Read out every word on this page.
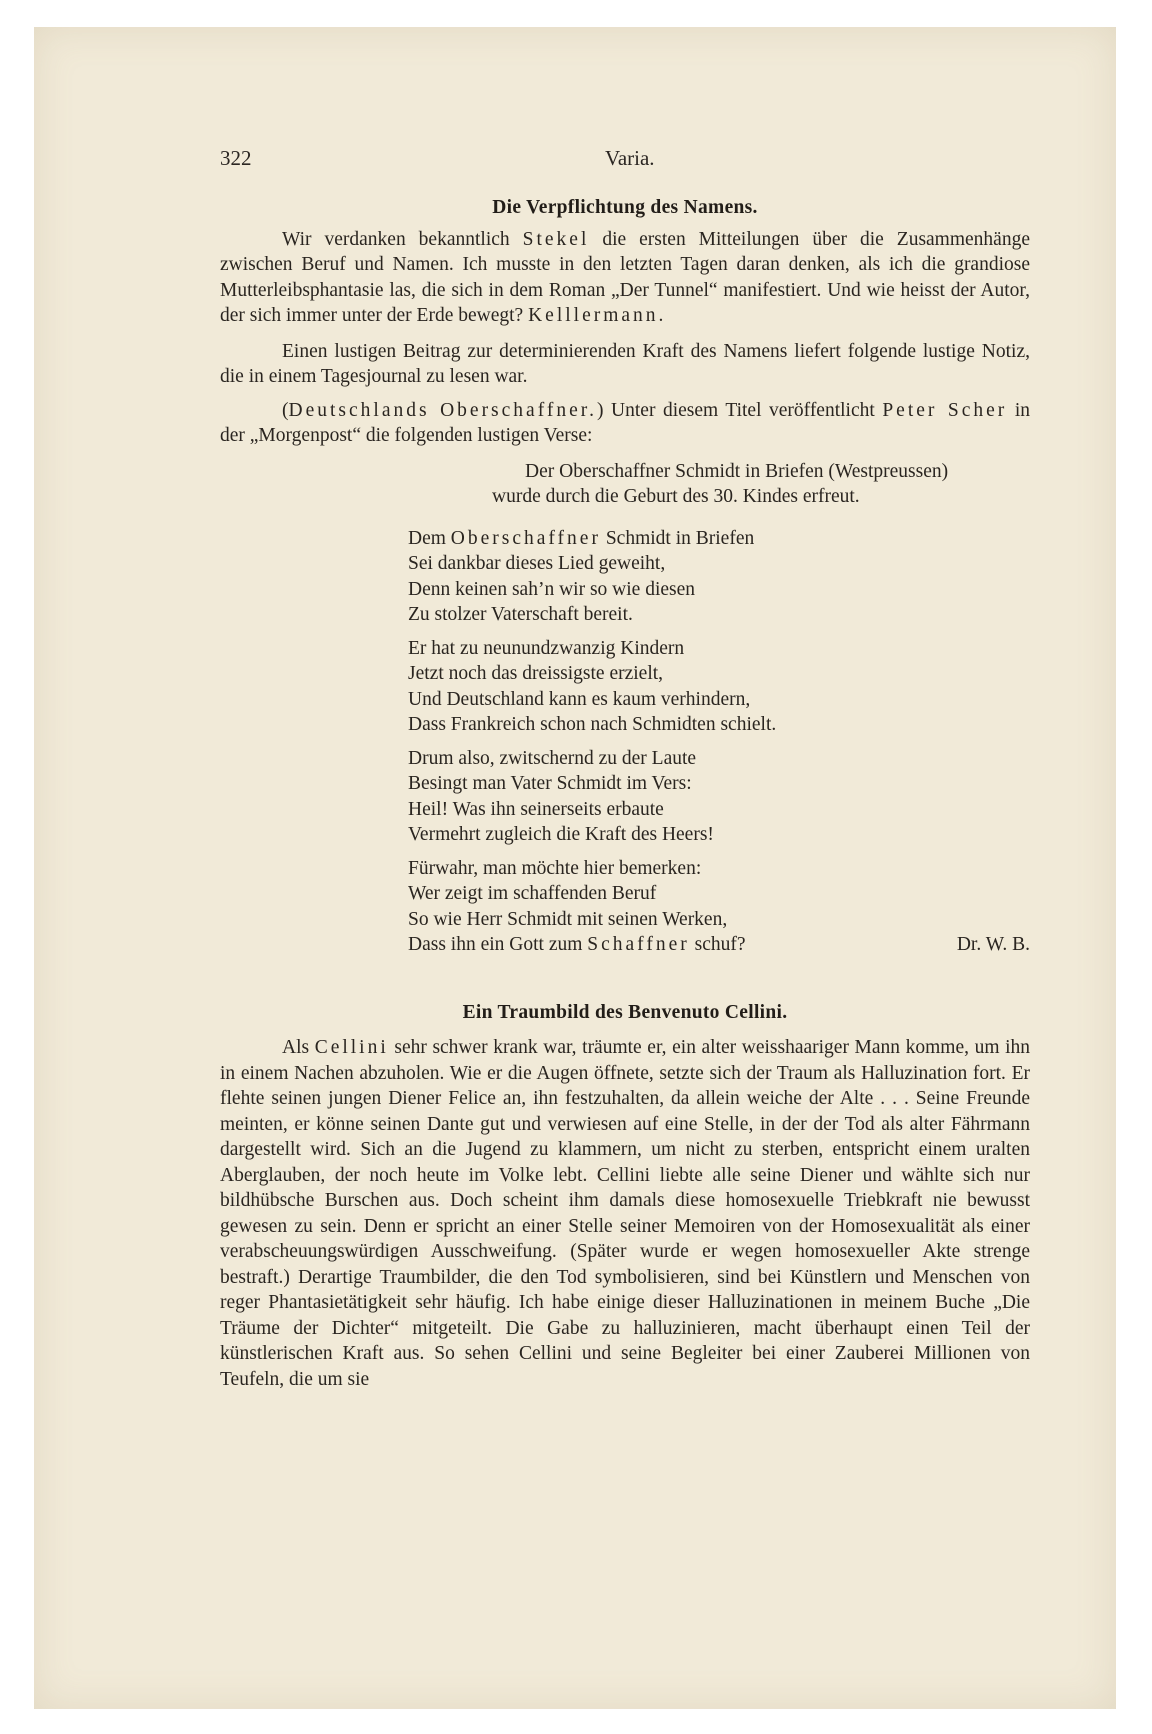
322	Varia.
Die Verpflichtung des Namens.

Wir verdanken bekanntlich Stekel die ersten Mitteilungen über die Zusammenhänge zwischen Beruf und Namen. Ich musste in den letzten Tagen daran denken, als ich die grandiose Mutterleibsphantasie las, die sich in dem Roman „Der Tunnel“ manifestiert. Und wie heisst der Autor, der sich immer unter der Erde bewegt? Kelllermann.

Einen lustigen Beitrag zur determinierenden Kraft des Namens liefert folgende lustige Notiz, die in einem Tagesjournal zu lesen war.

(Deutschlands Oberschaffner.) Unter diesem Titel veröffentlicht Peter Scher in der „Morgenpost“ die folgenden lustigen Verse:

Der Oberschaffner Schmidt in Briefen (Westpreussen)
wurde durch die Geburt des 30. Kindes erfreut.
Dem Oberschaffner Schmidt in Briefen
Sei dankbar dieses Lied geweiht,
Denn keinen sah’n wir so wie diesen
Zu stolzer Vaterschaft bereit.
Er hat zu neunundzwanzig Kindern
Jetzt noch das dreissigste erzielt,
Und Deutschland kann es kaum verhindern,
Dass Frankreich schon nach Schmidten schielt.
Drum also, zwitschernd zu der Laute
Besingt man Vater Schmidt im Vers:
Heil! Was ihn seinerseits erbaute
Vermehrt zugleich die Kraft des Heers!
Fürwahr, man möchte hier bemerken:
Wer zeigt im schaffenden Beruf
So wie Herr Schmidt mit seinen Werken,
Dass ihn ein Gott zum Schaffner schuf?	Dr. W. B.
Ein Traumbild des Benvenuto Cellini.

Als Cellini sehr schwer krank war, träumte er, ein alter weisshaariger Mann komme, um ihn in einem Nachen abzuholen. Wie er die Augen öffnete, setzte sich der Traum als Halluzination fort. Er flehte seinen jungen Diener Felice an, ihn festzuhalten, da allein weiche der Alte . . . Seine Freunde meinten, er könne seinen Dante gut und verwiesen auf eine Stelle, in der der Tod als alter Fährmann dargestellt wird. Sich an die Jugend zu klammern, um nicht zu sterben, entspricht einem uralten Aberglauben, der noch heute im Volke lebt. Cellini liebte alle seine Diener und wählte sich nur bildhübsche Burschen aus. Doch scheint ihm damals diese homosexuelle Triebkraft nie bewusst gewesen zu sein. Denn er spricht an einer Stelle seiner Memoiren von der Homosexualität als einer verabscheuungswürdigen Ausschweifung. (Später wurde er wegen homosexueller Akte strenge bestraft.) Derartige Traumbilder, die den Tod symbolisieren, sind bei Künstlern und Menschen von reger Phantasietätigkeit sehr häufig. Ich habe einige dieser Halluzinationen in meinem Buche „Die Träume der Dichter“ mitgeteilt. Die Gabe zu halluzinieren, macht überhaupt einen Teil der künstlerischen Kraft aus. So sehen Cellini und seine Begleiter bei einer Zauberei Millionen von Teufeln, die um sie
